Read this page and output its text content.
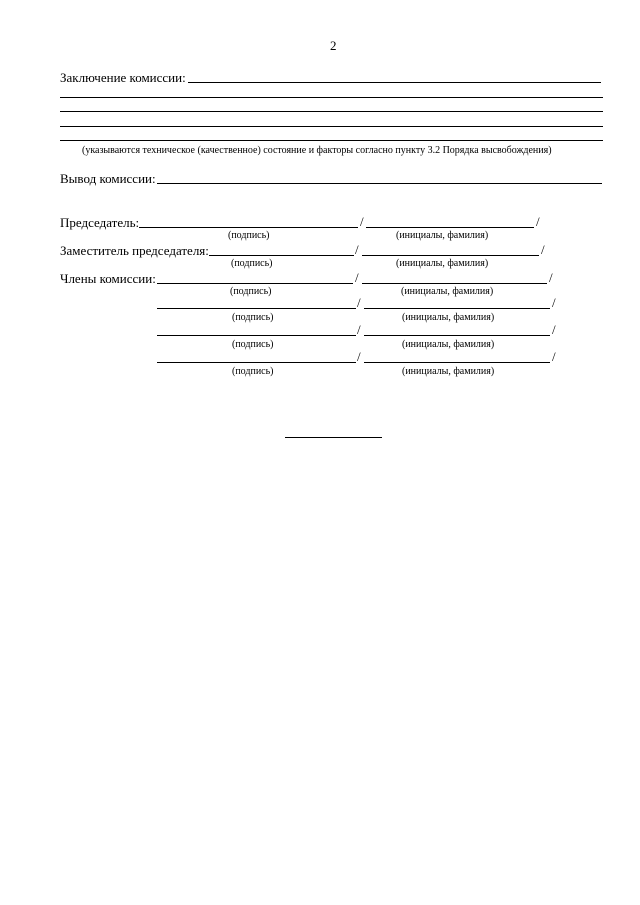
2
Заключение комиссии:
(указываются техническое (качественное) состояние и факторы согласно пункту 3.2 Порядка высвобождения)
Вывод комиссии:
Председатель:	/	/
(подпись)	(инициалы, фамилия)
Заместитель председателя:	/	/
(подпись)	(инициалы, фамилия)
Члены комиссии:	/	/
(подпись)	(инициалы, фамилия)
/	/
(подпись)	(инициалы, фамилия)
/	/
(подпись)	(инициалы, фамилия)
/	/
(подпись)	(инициалы, фамилия)
